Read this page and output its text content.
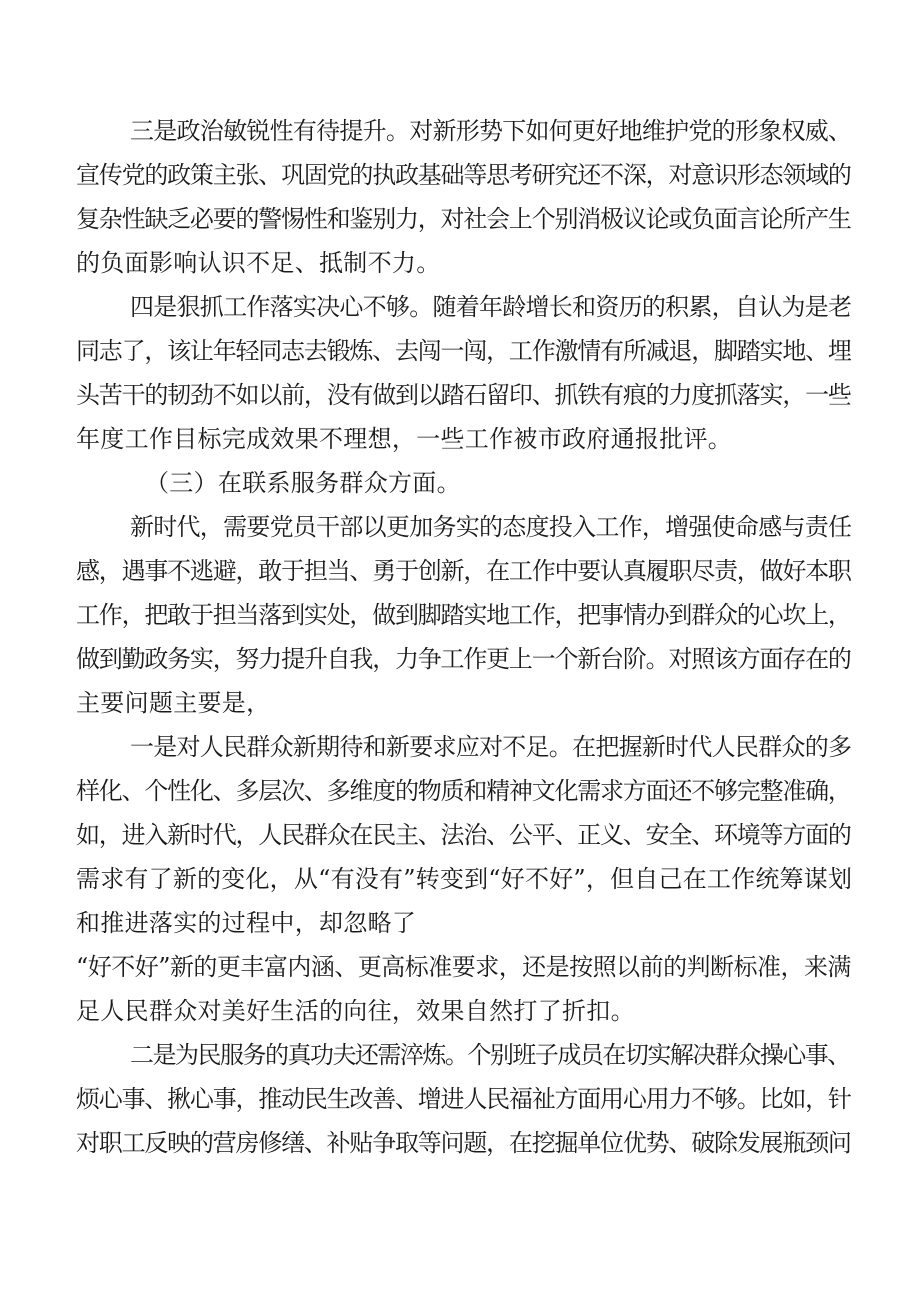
三是政治敏锐性有待提升。对新形势下如何更好地维护党的形象权威、
宣传党的政策主张、巩固党的执政基础等思考研究还不深，对意识形态领域的
复杂性缺乏必要的警惕性和鉴别力，对社会上个别消极议论或负面言论所产生
的负面影响认识不足、抵制不力。
四是狠抓工作落实决心不够。随着年龄增长和资历的积累，自认为是老
同志了，该让年轻同志去锻炼、去闯一闯，工作激情有所减退，脚踏实地、埋
头苦干的韧劲不如以前，没有做到以踏石留印、抓铁有痕的力度抓落实，一些
年度工作目标完成效果不理想，一些工作被市政府通报批评。
（三）在联系服务群众方面。
新时代，需要党员干部以更加务实的态度投入工作，增强使命感与责任
感，遇事不逃避，敢于担当、勇于创新，在工作中要认真履职尽责，做好本职
工作，把敢于担当落到实处，做到脚踏实地工作，把事情办到群众的心坎上，
做到勤政务实，努力提升自我，力争工作更上一个新台阶。对照该方面存在的
主要问题主要是，
一是对人民群众新期待和新要求应对不足。在把握新时代人民群众的多
样化、个性化、多层次、多维度的物质和精神文化需求方面还不够完整准确，
如，进入新时代，人民群众在民主、法治、公平、正义、安全、环境等方面的
需求有了新的变化，从“有没有”转变到“好不好”，但自己在工作统筹谋划
和推进落实的过程中，却忽略了
“好不好”新的更丰富内涵、更高标准要求，还是按照以前的判断标准，来满
足人民群众对美好生活的向往，效果自然打了折扣。
二是为民服务的真功夫还需淬炼。个别班子成员在切实解决群众操心事、
烦心事、揪心事，推动民生改善、增进人民福祉方面用心用力不够。比如，针
对职工反映的营房修缮、补贴争取等问题，在挖掘单位优势、破除发展瓶颈问
